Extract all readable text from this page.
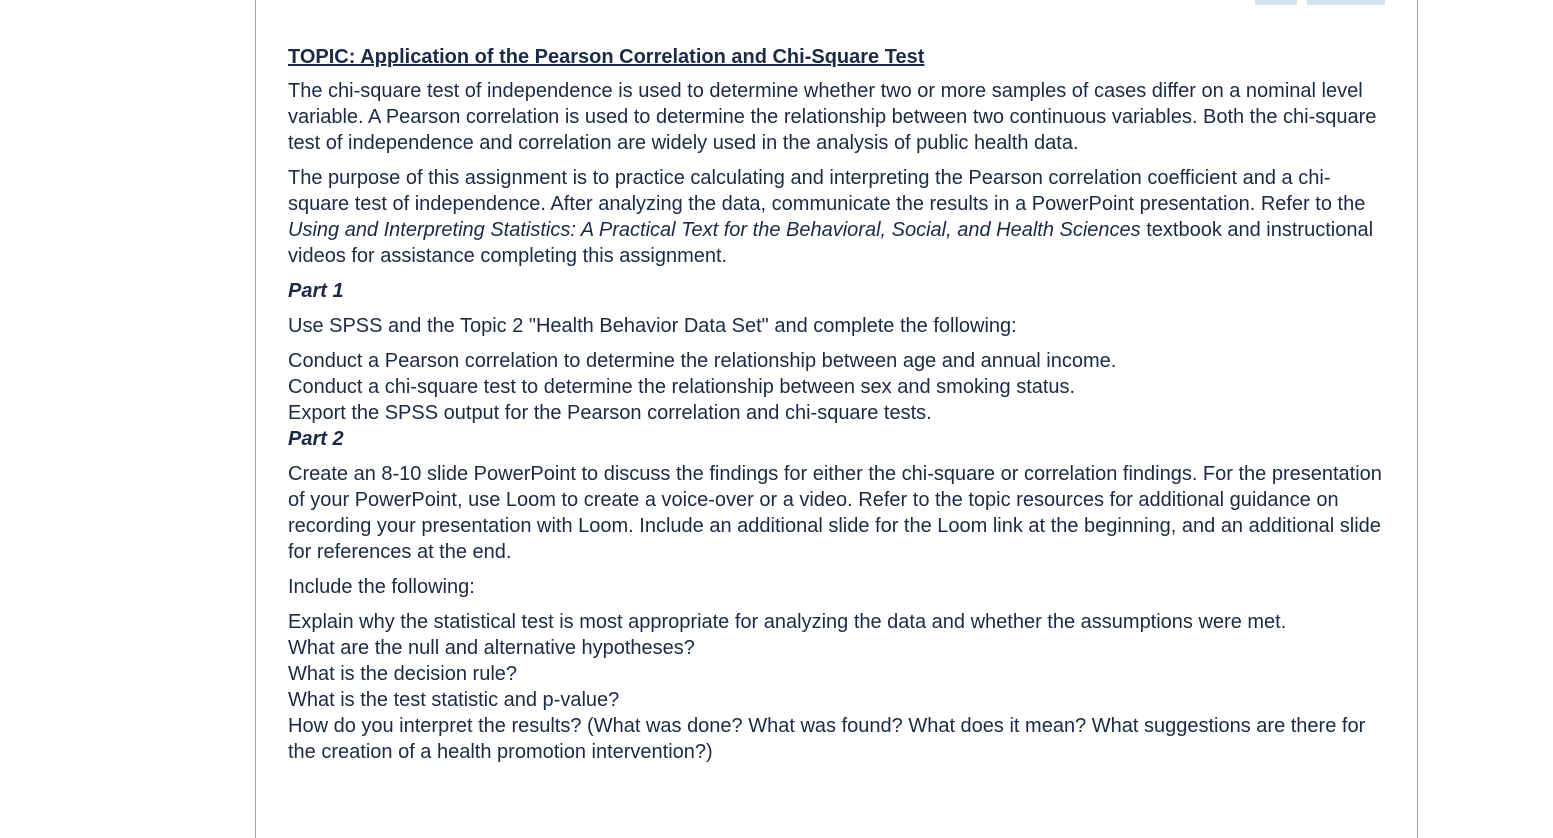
TOPIC: Application of the Pearson Correlation and Chi-Square Test

The chi-square test of independence is used to determine whether two or more samples of cases differ on a nominal level variable. A Pearson correlation is used to determine the relationship between two continuous variables. Both the chi-square test of independence and correlation are widely used in the analysis of public health data.

The purpose of this assignment is to practice calculating and interpreting the Pearson correlation coefficient and a chi-square test of independence. After analyzing the data, communicate the results in a PowerPoint presentation. Refer to the Using and Interpreting Statistics: A Practical Text for the Behavioral, Social, and Health Sciences textbook and instructional videos for assistance completing this assignment.

Part 1

Use SPSS and the Topic 2 "Health Behavior Data Set" and complete the following:

Conduct a Pearson correlation to determine the relationship between age and annual income.
Conduct a chi-square test to determine the relationship between sex and smoking status.
Export the SPSS output for the Pearson correlation and chi-square tests.

Part 2

Create an 8-10 slide PowerPoint to discuss the findings for either the chi-square or correlation findings. For the presentation of your PowerPoint, use Loom to create a voice-over or a video. Refer to the topic resources for additional guidance on recording your presentation with Loom. Include an additional slide for the Loom link at the beginning, and an additional slide for references at the end.

Include the following:

Explain why the statistical test is most appropriate for analyzing the data and whether the assumptions were met.
What are the null and alternative hypotheses?
What is the decision rule?
What is the test statistic and p-value?
How do you interpret the results? (What was done? What was found? What does it mean? What suggestions are there for the creation of a health promotion intervention?)
